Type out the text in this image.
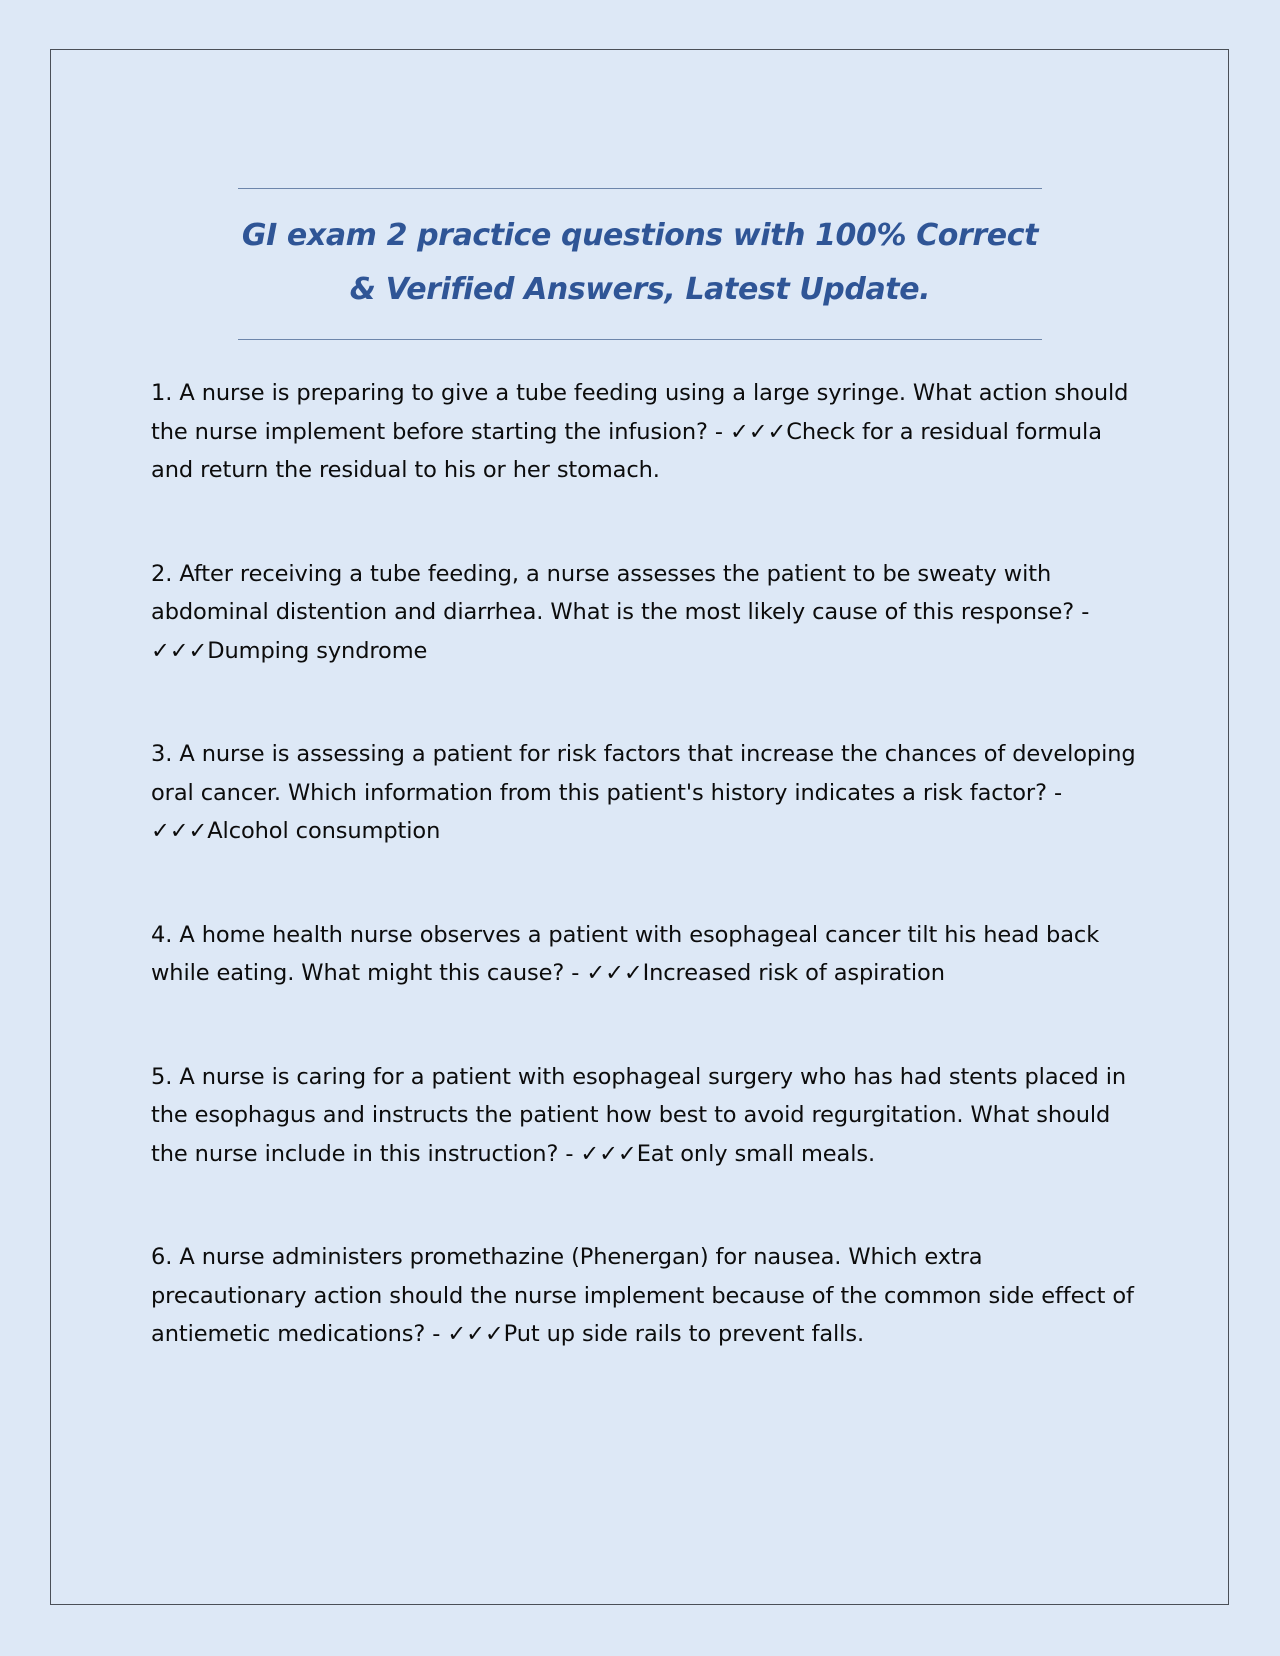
GI exam 2 practice questions with 100% Correct & Verified Answers, Latest Update.
1. A nurse is preparing to give a tube feeding using a large syringe. What action should the nurse implement before starting the infusion? - ✓✓✓Check for a residual formula and return the residual to his or her stomach.
2. After receiving a tube feeding, a nurse assesses the patient to be sweaty with abdominal distention and diarrhea. What is the most likely cause of this response? - ✓✓✓Dumping syndrome
3. A nurse is assessing a patient for risk factors that increase the chances of developing oral cancer. Which information from this patient's history indicates a risk factor? - ✓✓✓Alcohol consumption
4. A home health nurse observes a patient with esophageal cancer tilt his head back while eating. What might this cause? - ✓✓✓Increased risk of aspiration
5. A nurse is caring for a patient with esophageal surgery who has had stents placed in the esophagus and instructs the patient how best to avoid regurgitation. What should the nurse include in this instruction? - ✓✓✓Eat only small meals.
6. A nurse administers promethazine (Phenergan) for nausea. Which extra precautionary action should the nurse implement because of the common side effect of antiemetic medications? - ✓✓✓Put up side rails to prevent falls.
